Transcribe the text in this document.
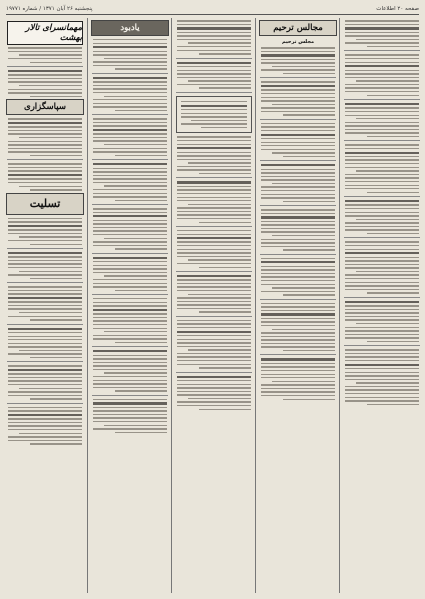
صفحه ۲۰ اطلاعات
پنجشنبه ۲۶ آبان ۱۳۷۱ / شماره ۱۹۷۷۱
مجالس ترحیم
مجلس ترحیم
یادبود
مهمانسرای تالار بهشت
سپاسگزاری
تسلیت
